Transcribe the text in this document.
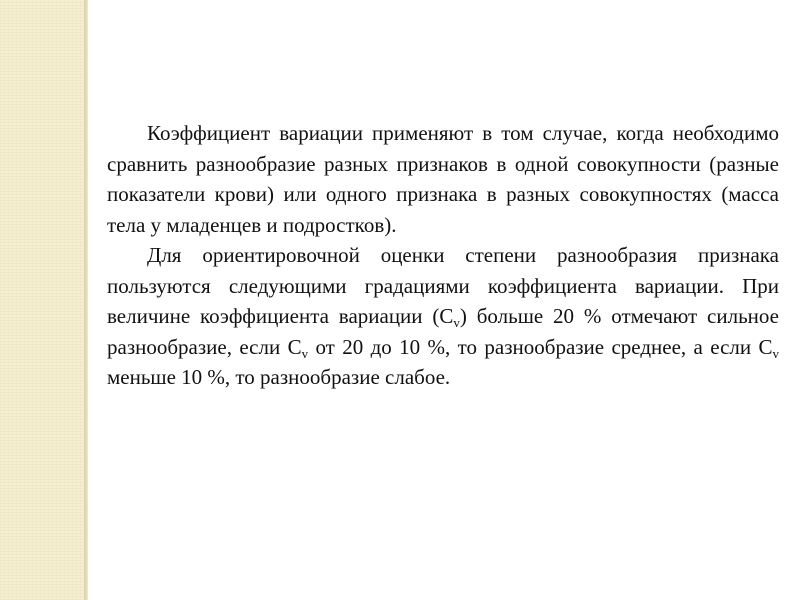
Коэффициент вариации применяют в том случае, когда необходимо сравнить разнообразие разных признаков в одной совокупности (разные показатели крови) или одного признака в разных совокупностях (масса тела у младенцев и подростков).

Для ориентировочной оценки степени разнообразия признака пользуются следующими градациями коэффициента вариации. При величине коэффициента вариации $(C_v)$ больше 20 % отмечают сильное разнообразие, если $C_v$ от 20 до 10 %, то разнообразие среднее, а если $C_v$ меньше 10 %, то разнообразие слабое.
